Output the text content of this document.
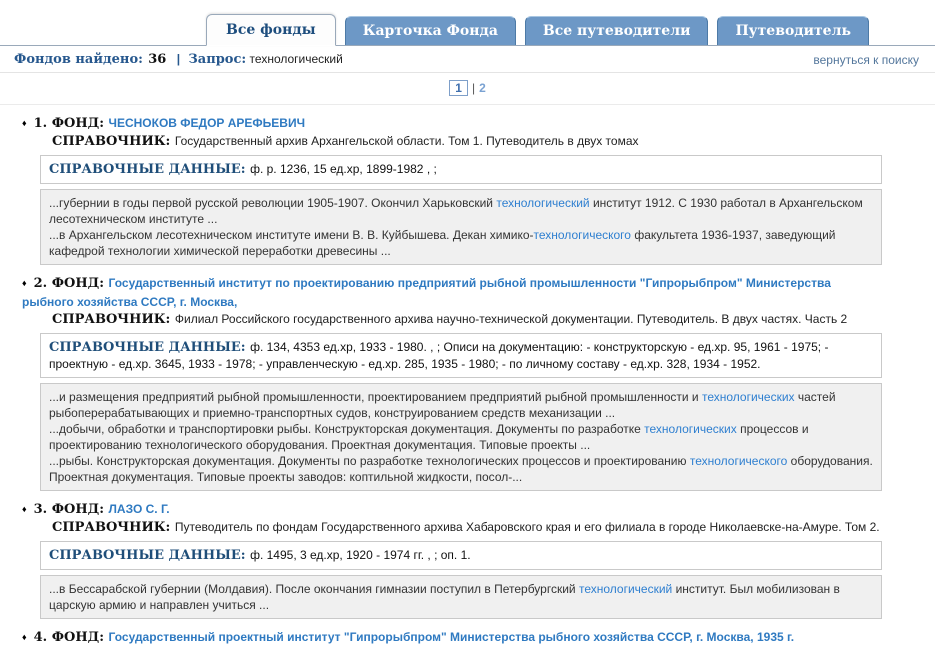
Все фонды	Карточка Фонда	Все путеводители	Путеводитель
Фондов найдено: 36 | Запрос: технологический	вернуться к поиску
1 | 2
♦ 1. ФОНД: ЧЕСНОКОВ ФЕДОР АРЕФЬЕВИЧ
СПРАВОЧНИК: Государственный архив Архангельской области. Том 1. Путеводитель в двух томах
СПРАВОЧНЫЕ ДАННЫЕ: ф. р. 1236, 15 ед.хр, 1899-1982 , ;
...губернии в годы первой русской революции 1905-1907. Окончил Харьковский технологический институт 1912. С 1930 работал в Архангельском лесотехническом институте ...
...в Архангельском лесотехническом институте имени В. В. Куйбышева. Декан химико-технологического факультета 1936-1937, заведующий кафедрой технологии химической переработки древесины ...
♦ 2. ФОНД: Государственный институт по проектированию предприятий рыбной промышленности "Гипрорыбпром" Министерства рыбного хозяйства СССР, г. Москва,
СПРАВОЧНИК: Филиал Российского государственного архива научно-технической документации. Путеводитель. В двух частях. Часть 2
СПРАВОЧНЫЕ ДАННЫЕ: ф. 134, 4353 ед.хр, 1933 - 1980. , ; Описи на документацию: - конструкторскую - ед.хр. 95, 1961 - 1975; - проектную - ед.хр. 3645, 1933 - 1978; - управленческую - ед.хр. 285, 1935 - 1980; - по личному составу - ед.хр. 328, 1934 - 1952.
...и размещения предприятий рыбной промышленности, проектированием предприятий рыбной промышленности и технологических частей рыбоперерабатывающих и приемно-транспортных судов, конструированием средств механизации ...
...добычи, обработки и транспортировки рыбы. Конструкторская документация. Документы по разработке технологических процессов и проектированию технологического оборудования. Проектная документация. Типовые проекты ...
...рыбы. Конструкторская документация. Документы по разработке технологических процессов и проектированию технологического оборудования. Проектная документация. Типовые проекты заводов: коптильной жидкости, посол-...
♦ 3. ФОНД: ЛАЗО С. Г.
СПРАВОЧНИК: Путеводитель по фондам Государственного архива Хабаровского края и его филиала в городе Николаевске-на-Амуре. Том 2.
СПРАВОЧНЫЕ ДАННЫЕ: ф. 1495, 3 ед.хр, 1920 - 1974 гг. , ; оп. 1.
...в Бессарабской губернии (Молдавия). После окончания гимназии поступил в Петербургский технологический институт. Был мобилизован в царскую армию и направлен учиться ...
♦ 4. ФОНД: Государственный проектный институт "Гипрорыбпром" Министерства рыбного хозяйства СССР, г. Москва, 1935 г.
